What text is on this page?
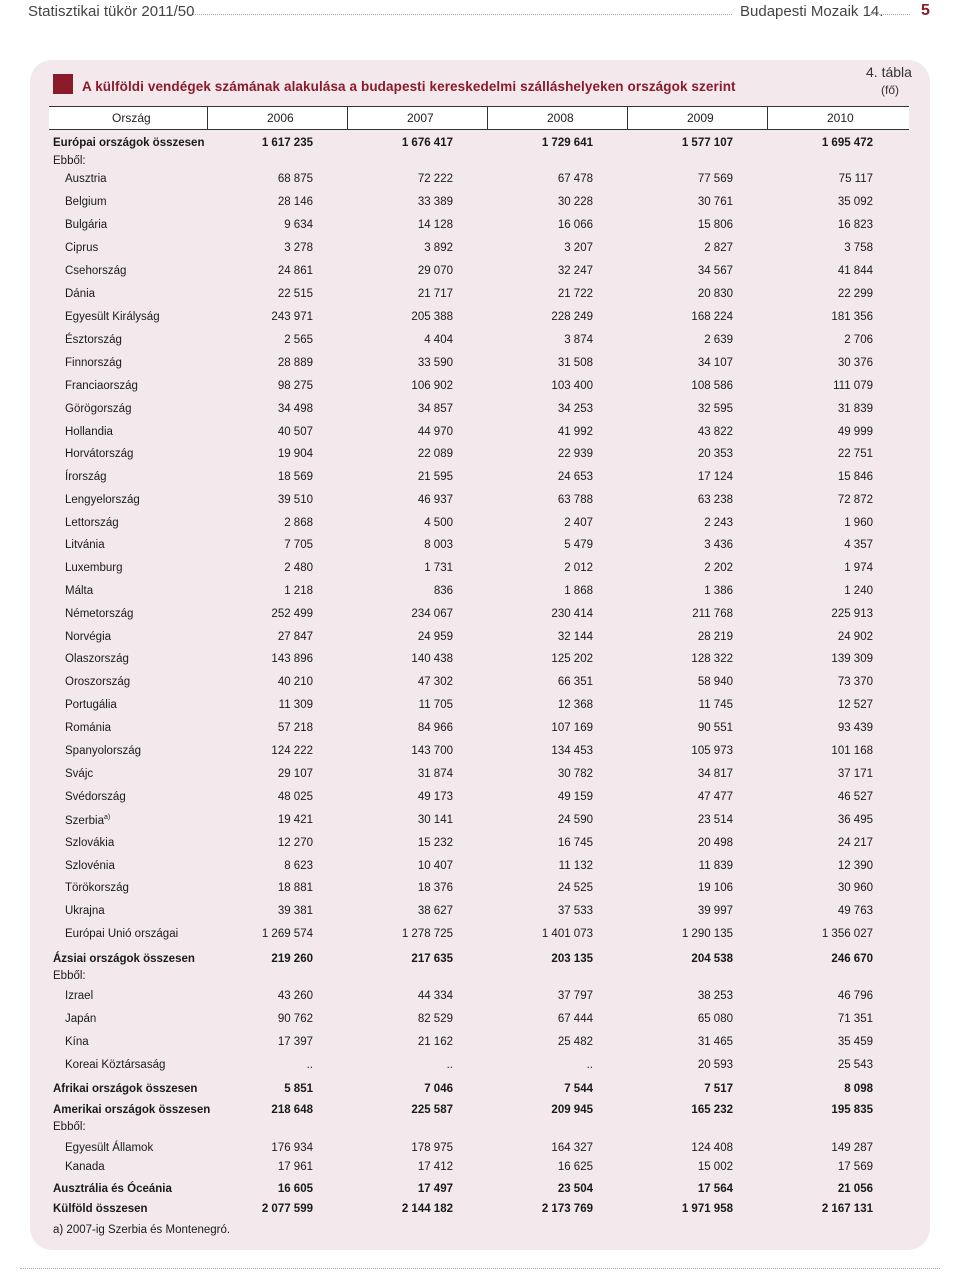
Statisztikai tükör 2011/50	Budapesti Mozaik 14. 5
A külföldi vendégek számának alakulása a budapesti kereskedelmi szálláshelyeken országok szerint
4. tábla
(fő)
Ország	2006	2007	2008	2009	2010
Európai országok összesen	1 617 235	1 676 417	1 729 641	1 577 107	1 695 472
Ebből:
Ausztria	68 875	72 222	67 478	77 569	75 117
Belgium	28 146	33 389	30 228	30 761	35 092
Bulgária	9 634	14 128	16 066	15 806	16 823
Ciprus	3 278	3 892	3 207	2 827	3 758
Csehország	24 861	29 070	32 247	34 567	41 844
Dánia	22 515	21 717	21 722	20 830	22 299
Egyesült Királyság	243 971	205 388	228 249	168 224	181 356
Észtország	2 565	4 404	3 874	2 639	2 706
Finnország	28 889	33 590	31 508	34 107	30 376
Franciaország	98 275	106 902	103 400	108 586	111 079
Görögország	34 498	34 857	34 253	32 595	31 839
Hollandia	40 507	44 970	41 992	43 822	49 999
Horvátország	19 904	22 089	22 939	20 353	22 751
Írország	18 569	21 595	24 653	17 124	15 846
Lengyelország	39 510	46 937	63 788	63 238	72 872
Lettország	2 868	4 500	2 407	2 243	1 960
Litvánia	7 705	8 003	5 479	3 436	4 357
Luxemburg	2 480	1 731	2 012	2 202	1 974
Málta	1 218	836	1 868	1 386	1 240
Németország	252 499	234 067	230 414	211 768	225 913
Norvégia	27 847	24 959	32 144	28 219	24 902
Olaszország	143 896	140 438	125 202	128 322	139 309
Oroszország	40 210	47 302	66 351	58 940	73 370
Portugália	11 309	11 705	12 368	11 745	12 527
Románia	57 218	84 966	107 169	90 551	93 439
Spanyolország	124 222	143 700	134 453	105 973	101 168
Svájc	29 107	31 874	30 782	34 817	37 171
Svédország	48 025	49 173	49 159	47 477	46 527
Szerbia$^{a)}$	19 421	30 141	24 590	23 514	36 495
Szlovákia	12 270	15 232	16 745	20 498	24 217
Szlovénia	8 623	10 407	11 132	11 839	12 390
Törökország	18 881	18 376	24 525	19 106	30 960
Ukrajna	39 381	38 627	37 533	39 997	49 763
Európai Unió országai	1 269 574	1 278 725	1 401 073	1 290 135	1 356 027
Ázsiai országok összesen	219 260	217 635	203 135	204 538	246 670
Ebből:
Izrael	43 260	44 334	37 797	38 253	46 796
Japán	90 762	82 529	67 444	65 080	71 351
Kína	17 397	21 162	25 482	31 465	35 459
Koreai Köztársaság	..	..	..	20 593	25 543
Afrikai országok összesen	5 851	7 046	7 544	7 517	8 098
Amerikai országok összesen	218 648	225 587	209 945	165 232	195 835
Ebből:
Egyesült Államok	176 934	178 975	164 327	124 408	149 287
Kanada	17 961	17 412	16 625	15 002	17 569
Ausztrália és Óceánia	16 605	17 497	23 504	17 564	21 056
Külföld összesen	2 077 599	2 144 182	2 173 769	1 971 958	2 167 131
a) 2007-ig Szerbia és Montenegró.
